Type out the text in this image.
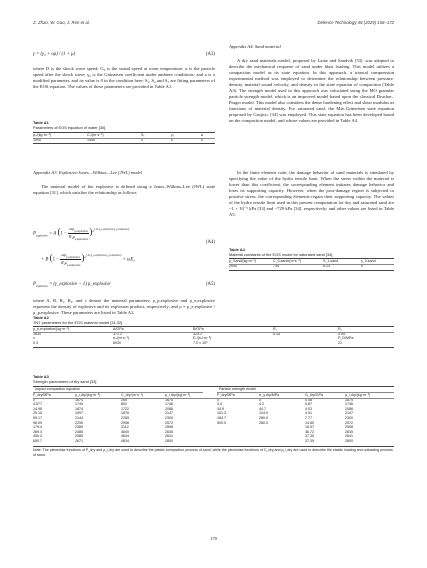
Z. Zhao, W. Gao, J. Ren et al.	Defence Technology 48 (2025) 156–172
γ = (γ₀ + aμ) / (1 + μ)	(A3)
where D is the shock wave speed; G₀ is the sound speed at room temperature; u is the particle speed after the shock wave; γ₀ is the Grüneisen coefficient under ambient conditions; and a is a modified parameter, and its value is 0 in the condition here; S₁, S₂ and S₃ are fitting parameters of the EOS equation. The values of these parameters are provided in Table A1.
Table A1
Parameters of EOS equation of water [30].
ρ₀/(kg·m⁻³)	C₀/(m·s⁻¹)	S₁	γ₀	a
1000	1450	0	0	0
Appendix A3. Explosive-Jones—Wilkins—Lee (JWL) model
The material model of the explosive is defined using a Jones–Wilkins–Lee (JWL) state equation [31], which satisfies the relationship as follows
$P_{explosive} = A$ $(1 - \frac{\omega\rho_{p,explosive}}{R_1\rho_{e,explosive}} )^{e^{(-R_1\rho\_e,explosive/\rho\_p,explosive)}}$
+ B $(1 - \frac{\omega\rho_{p,explosive}}{R_2\rho_{e,explosive}} )^{e^{(-R_2\rho\_e,explosive/\rho\_p,explosive)}} + \omega E_0$
(A4)
$P_{explosive}$ = (γ_explosive − 1) ρ_explosive	(A5)
where A, B, R₁, R₂, and c denote the material parameters; ρ_p,explosive and ρ_e,explosive represent the density of explosive and its explosion product, respectively; and ρ = ρ_e,explosive / ρ_p,explosive. These parameters are listed in Table A2.
Appendix A4. Sand material
A dry sand materials model, proposed by Laine and Sandvik [33], was adopted to describe the mechanical response of sand under blast loading. This model utilizes a compaction model as its state equation. In this approach, a triaxial compression experimental method was employed to determine the relationship between pressure, density, material sound velocity, and density in the state equation of compaction (Table A3). The strength model used in this approach was calculated using the MO granular particle strength model, which is an improved model based upon the classical Drucker–Prager model. This model also considers the dense hardening effect and shear modulus as functions of material density. For saturated sand, the Mie–Grüneisen state equation proposed by Grujicic [34] was employed. This state equation has been developed based on the compaction model, and whose values are provided in Table A4.
In the finite element code, the damage behavior of sand materials is simulated by specifying the value of the hydro tensile limit. When the stress within the material is lower than this coefficient, the corresponding element initiates damage behavior and loses its supporting capacity. However, when the post-damage region is subjected to positive stress, the corresponding elements regain their supporting capacity. The values of the hydro tensile limit used in this present computation for dry and saturated sand are −1 × 10⁻⁵ kPa [33] and −729 kPa [34], respectively; and other values are listed in Table A5.
Table A4
Material constants of the EOS model for saturated sand [34].
ρ_Sand/(kg·m⁻³)	C_0,sand/(m·s⁻¹)	S_1,sand	γ_0,sand
2040	735	6.23	0
Table A2
TNT parameters for the EOS material model [31,32].
ρ_e,explosive/(kg·m⁻³)	A/GPa	B/GPa	R₁	R₂
1630	371.2	323.1	4.15	0.95
c	e₀/(m·s⁻¹)	E₀/(kJ·m⁻³)		P_D/MPa
0.3	6930	7.0 × 10⁶		21
Table A3
Strength parameters of dry sand [33].
Impact compaction equation	Particle strength model
P_dry/MPa	ρ_i,dry/(kg·m⁻³)	C_dry/(m·s⁻¹)	ρ_i,dry/(kg·m⁻³)	P_dry/MPa	σ_y,dry/MPa	G_dry/GPa	ρ_i,dry/(kg·m⁻³)
0	1674	265	1674	0	0	0.08	1674
4.577	1740	852	1746	3.4	4.2	0.87	1746
14.98	1874	1722	2086	34.9	44.7	4.03	2086
29.15	1997	1876	2147	101.3	124.0	4.91	2147
59.17	2144	2265	2300	184.7	280.0	7.77	2300
98.09	2250	2956	2572	500.0	280.0	14.80	2572
179.4	2380	3112	2598			16.57	2598
289.4	2485	4600	2635			36.72	2635
450.2	2585	4634	2641			37.35	2641
650.7	2671	4634	2800			37.35	2800
Note: The piecewise functions of P_dry and ρ_i,dry are used to describe the plastic compaction process of sand, while the piecewise functions of C_dry and ρ_i,dry are used to describe the elastic loading and unloading process of sand.
170
